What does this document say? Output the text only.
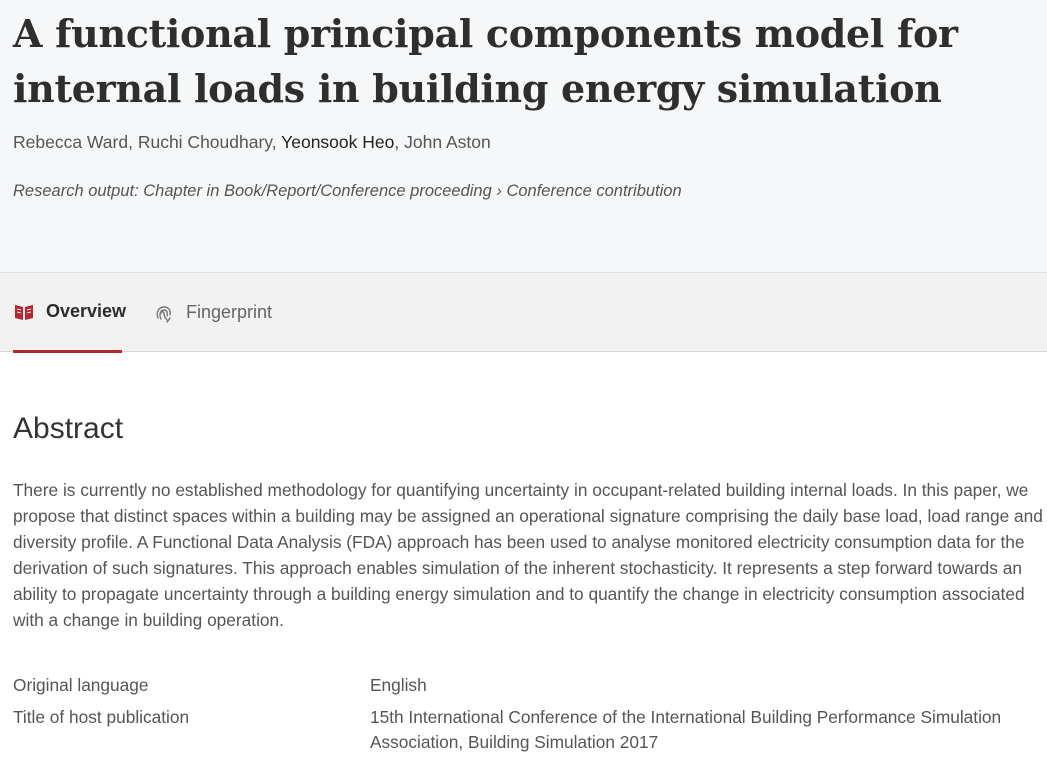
A functional principal components model for internal loads in building energy simulation
Rebecca Ward, Ruchi Choudhary, Yeonsook Heo, John Aston
Research output: Chapter in Book/Report/Conference proceeding › Conference contribution
Overview	Fingerprint
Abstract

There is currently no established methodology for quantifying uncertainty in occupant-related building internal loads. In this paper, we propose that distinct spaces within a building may be assigned an operational signature comprising the daily base load, load range and diversity profile. A Functional Data Analysis (FDA) approach has been used to analyse monitored electricity consumption data for the derivation of such signatures. This approach enables simulation of the inherent stochasticity. It represents a step forward towards an ability to propagate uncertainty through a building energy simulation and to quantify the change in electricity consumption associated with a change in building operation.

Original language	English
Title of host publication	15th International Conference of the International Building Performance Simulation Association, Building Simulation 2017
